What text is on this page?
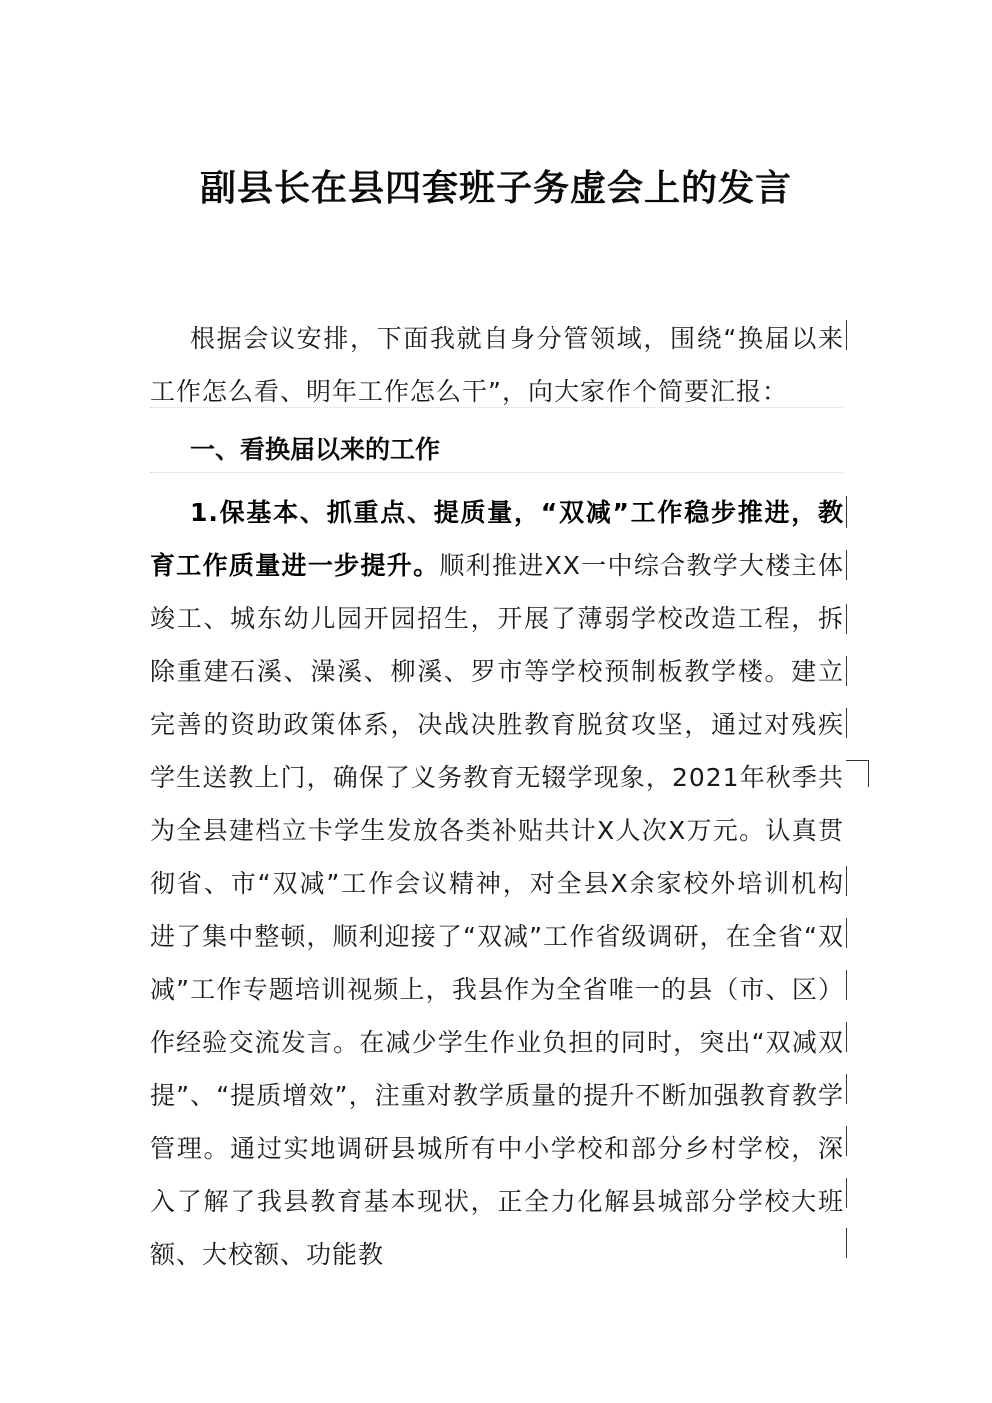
副县长在县四套班子务虚会上的发言
根据会议安排，下面我就自身分管领域，围绕“换届以来工作怎么看、明年工作怎么干”，向大家作个简要汇报：
一、看换届以来的工作
1.保基本、抓重点、提质量，“双减”工作稳步推进，教育工作质量进一步提升。顺利推进XX一中综合教学大楼主体竣工、城东幼儿园开园招生，开展了薄弱学校改造工程，拆除重建石溪、澡溪、柳溪、罗市等学校预制板教学楼。建立完善的资助政策体系，决战决胜教育脱贫攻坚，通过对残疾学生送教上门，确保了义务教育无辍学现象，2021年秋季共为全县建档立卡学生发放各类补贴共计X人次X万元。认真贯彻省、市“双减”工作会议精神，对全县X余家校外培训机构进了集中整顿，顺利迎接了“双减”工作省级调研，在全省“双减”工作专题培训视频上，我县作为全省唯一的县（市、区）作经验交流发言。在减少学生作业负担的同时，突出“双减双提”、“提质增效”，注重对教学质量的提升不断加强教育教学管理。通过实地调研县城所有中小学校和部分乡村学校，深入了解了我县教育基本现状，正全力化解县城部分学校大班额、大校额、功能教
